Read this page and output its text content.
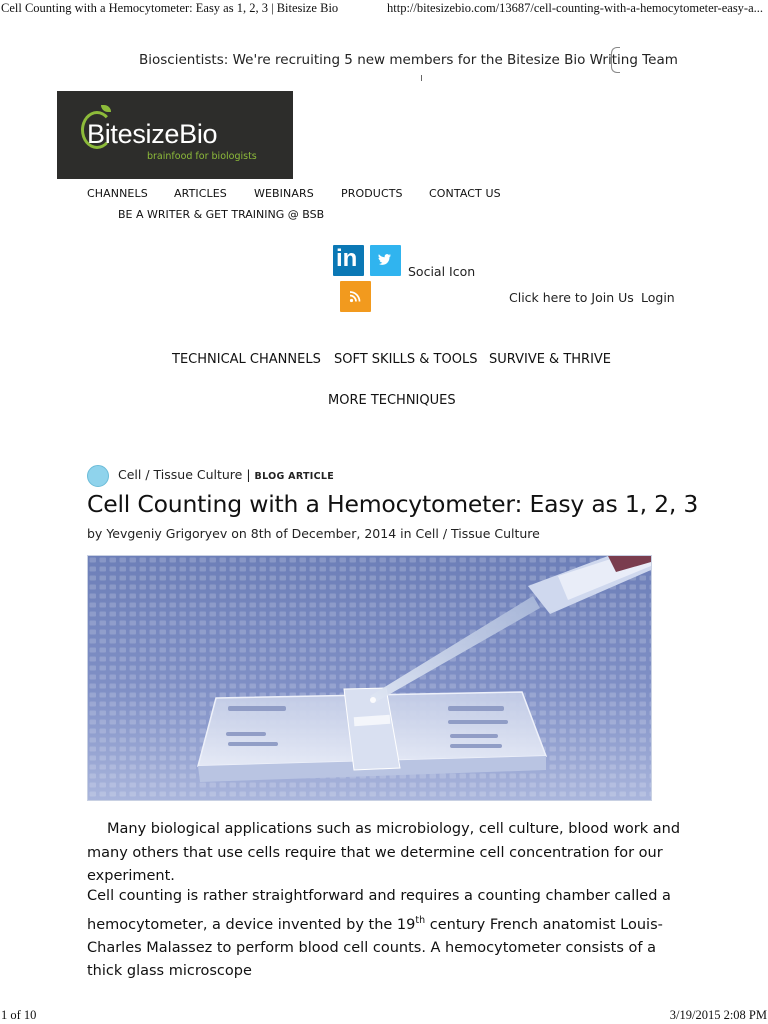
Cell Counting with a Hemocytometer: Easy as 1, 2, 3 | Bitesize Bio	http://bitesizebio.com/13687/cell-counting-with-a-hemocytometer-easy-a...
Bioscientists: We're recruiting 5 new members for the Bitesize Bio Writing Team
BitesizeBio
brainfood for biologists
CHANNELS ARTICLES WEBINARS PRODUCTS CONTACT US
BE A WRITER & GET TRAINING @ BSB
in	Social Icon
Click here to Join Us Login
TECHNICAL CHANNELS SOFT SKILLS & TOOLS SURVIVE & THRIVE
MORE TECHNIQUES
Cell / Tissue Culture | BLOG ARTICLE
Cell Counting with a Hemocytometer: Easy as 1, 2, 3
by Yevgeniy Grigoryev on 8th of December, 2014 in Cell / Tissue Culture
Many biological applications such as microbiology, cell culture, blood work and many others that use cells require that we determine cell concentration for our experiment.
Cell counting is rather straightforward and requires a counting chamber called a hemocytometer, a device invented by the 19th century French anatomist Louis-Charles Malassez to perform blood cell counts. A hemocytometer consists of a thick glass microscope
1 of 10	3/19/2015 2:08 PM
